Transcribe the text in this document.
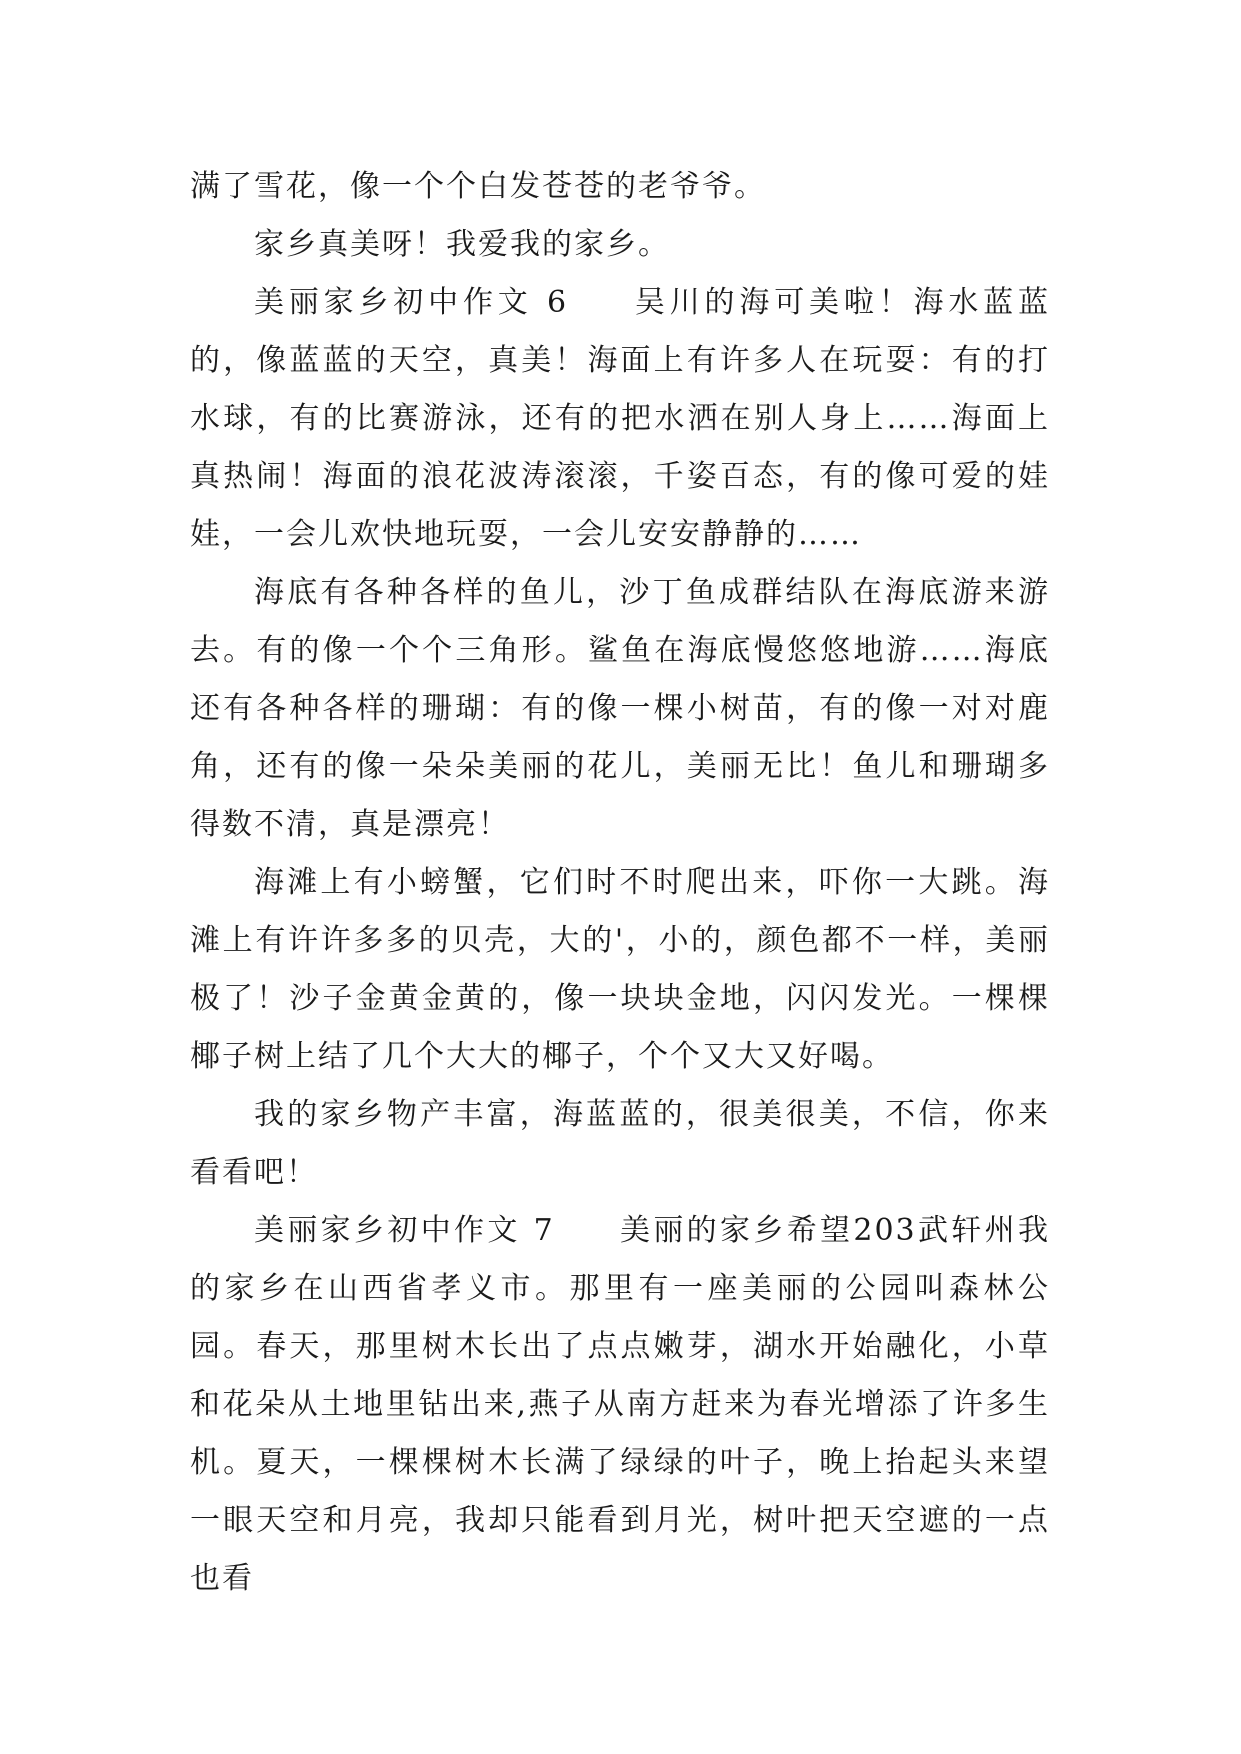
满了雪花，像一个个白发苍苍的老爷爷。

家乡真美呀！我爱我的家乡。

美丽家乡初中作文 6 吴川的海可美啦！海水蓝蓝的，像蓝蓝的天空，真美！海面上有许多人在玩耍：有的打水球，有的比赛游泳，还有的把水洒在别人身上……海面上真热闹！海面的浪花波涛滚滚，千姿百态，有的像可爱的娃娃，一会儿欢快地玩耍，一会儿安安静静的……

海底有各种各样的鱼儿，沙丁鱼成群结队在海底游来游去。有的像一个个三角形。鲨鱼在海底慢悠悠地游……海底还有各种各样的珊瑚：有的像一棵小树苗，有的像一对对鹿角，还有的像一朵朵美丽的花儿，美丽无比！鱼儿和珊瑚多得数不清，真是漂亮！

海滩上有小螃蟹，它们时不时爬出来，吓你一大跳。海滩上有许许多多的贝壳，大的'，小的，颜色都不一样，美丽极了！沙子金黄金黄的，像一块块金地，闪闪发光。一棵棵椰子树上结了几个大大的椰子，个个又大又好喝。

我的家乡物产丰富，海蓝蓝的，很美很美，不信，你来看看吧！

美丽家乡初中作文 7 美丽的家乡希望203武轩州我的家乡在山西省孝义市。那里有一座美丽的公园叫森林公园。春天，那里树木长出了点点嫩芽，湖水开始融化，小草和花朵从土地里钻出来,燕子从南方赶来为春光增添了许多生机。夏天，一棵棵树木长满了绿绿的叶子，晚上抬起头来望一眼天空和月亮，我却只能看到月光，树叶把天空遮的一点也看
